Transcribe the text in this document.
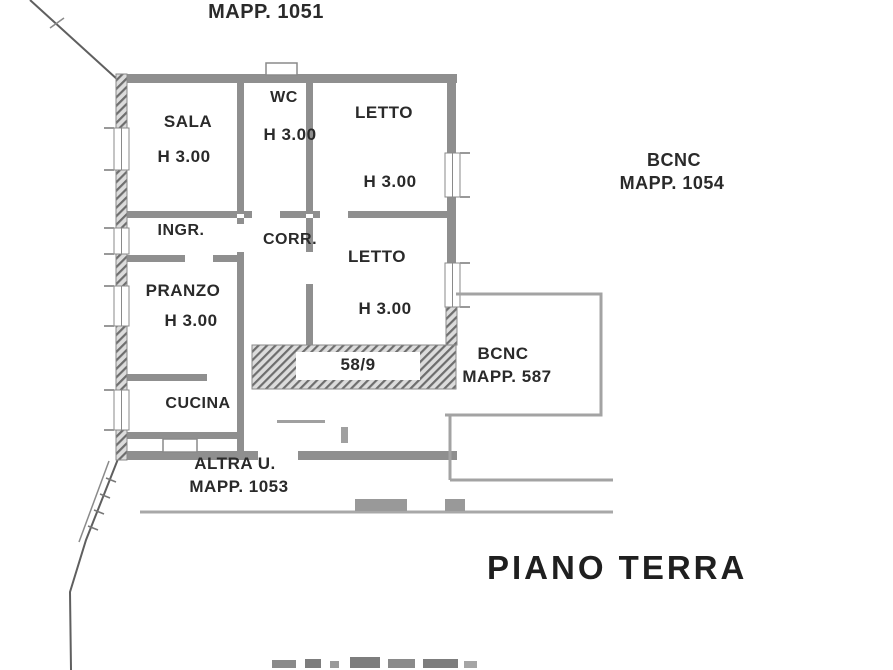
MAPP. 1051
BCNC
MAPP. 1054
SALA
H 3.00
WC
H 3.00
LETTO
H 3.00
INGR.
CORR.
LETTO
H 3.00
PRANZO
H 3.00
CUCINA
58/9
BCNC
MAPP. 587
ALTRA U.
MAPP. 1053
PIANO TERRA
